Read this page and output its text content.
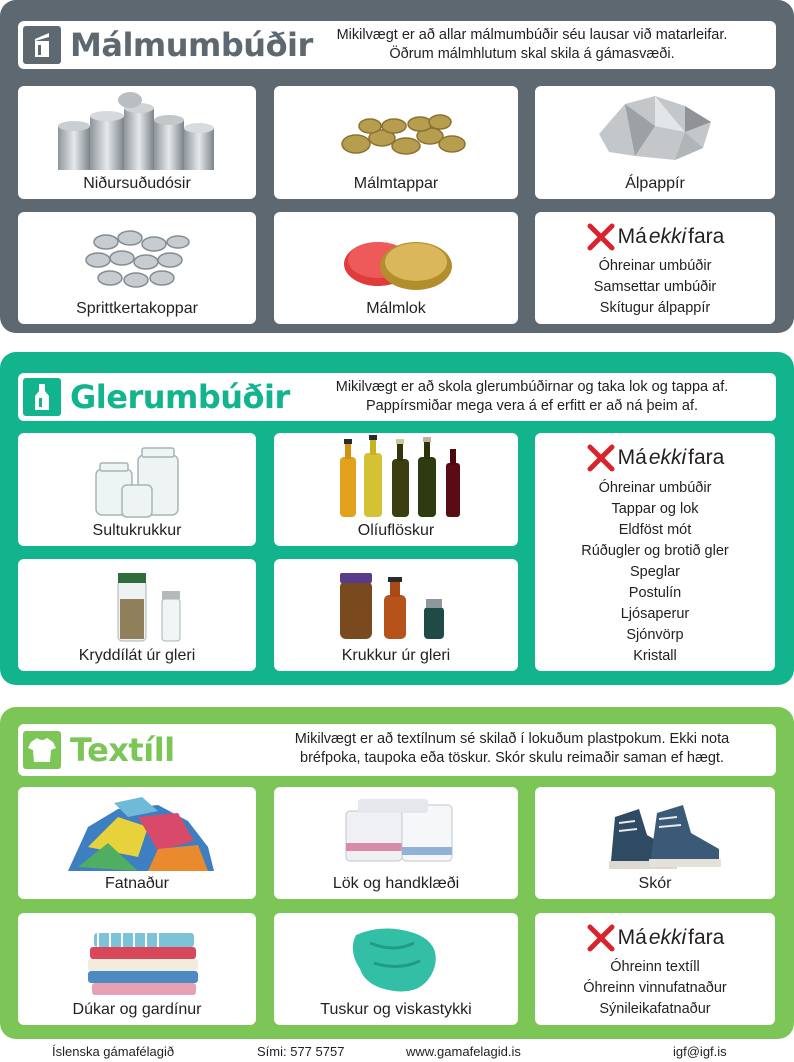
Málmumbúðir	Mikilvægt er að allar málmumbúðir séu lausar við matarleifar.
Öðrum málmhlutum skal skila á gámasvæði.
Niðursuðudósir	Málmtappar	Álpappír
Sprittkertakoppar	Málmlok
Má ekki fara
Óhreinar umbúðir
Samsettar umbúðir
Skítugur álpappír
Glerumbúðir	Mikilvægt er að skola glerumbúðirnar og taka lok og tappa af.
Pappírsmiðar mega vera á ef erfitt er að ná þeim af.
Sultukrukkur	Olíuflöskur
Kryddílát úr gleri	Krukkur úr gleri
Má ekki fara
Óhreinar umbúðir
Tappar og lok
Eldföst mót
Rúðugler og brotið gler
Speglar
Postulín
Ljósaperur
Sjónvörp
Kristall
Textíll	Mikilvægt er að textílnum sé skilað í lokuðum plastpokum. Ekki nota
bréfpoka, taupoka eða töskur. Skór skulu reimaðir saman ef hægt.
Fatnaður	Lök og handklæði	Skór
Dúkar og gardínur	Tuskur og viskastykki
Má ekki fara
Óhreinn textíll
Óhreinn vinnufatnaður
Sýnileikafatnaður
Íslenska gámafélagið	Sími: 577 5757	www.gamafelagid.is	igf@igf.is
